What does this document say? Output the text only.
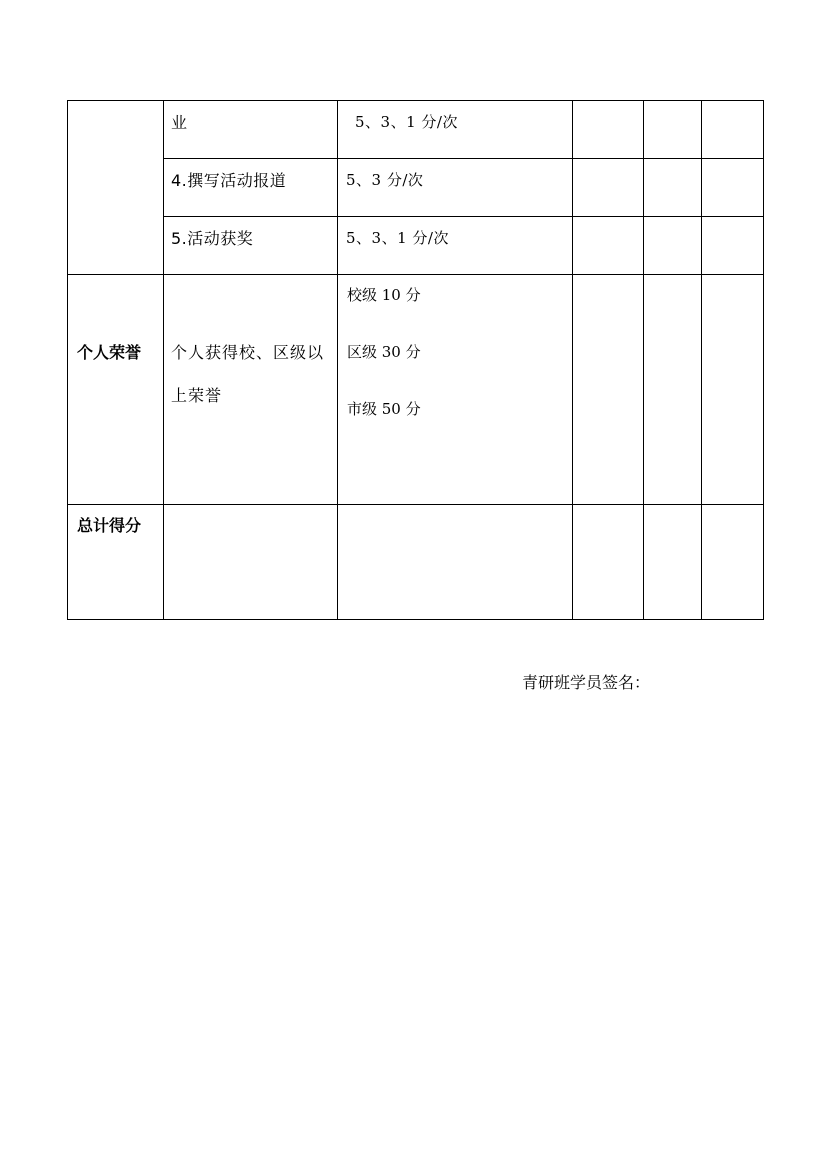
	业	5、3、1 分/次			

	4.撰写活动报道	5、3 分/次			

	5.活动获奖	5、3、1 分/次			

个人荣誉	个人获得校、区级以上荣誉	校级 10 分
区级 30 分
市级 50 分			

总计得分					

青研班学员签名：
